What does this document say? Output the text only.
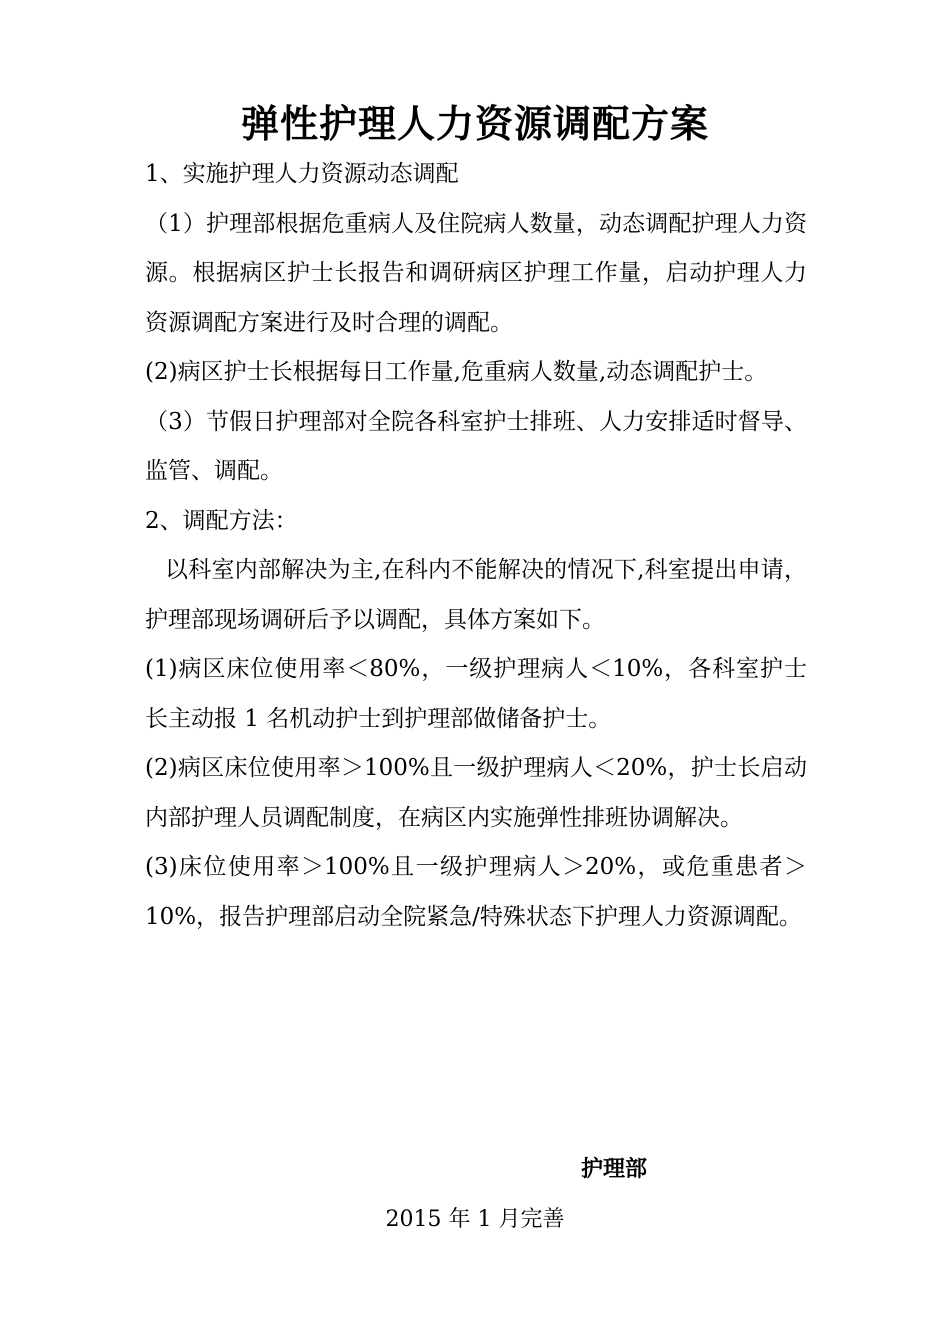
弹性护理人力资源调配方案

1、实施护理人力资源动态调配

（1）护理部根据危重病人及住院病人数量，动态调配护理人力资源。根据病区护士长报告和调研病区护理工作量，启动护理人力资源调配方案进行及时合理的调配。

(2)病区护士长根据每日工作量,危重病人数量,动态调配护士。

（3）节假日护理部对全院各科室护士排班、人力安排适时督导、监管、调配。

2、调配方法：

以科室内部解决为主,在科内不能解决的情况下,科室提出申请，护理部现场调研后予以调配，具体方案如下。

(1)病区床位使用率＜80%，一级护理病人＜10%，各科室护士长主动报 1 名机动护士到护理部做储备护士。

(2)病区床位使用率＞100%且一级护理病人＜20%，护士长启动内部护理人员调配制度，在病区内实施弹性排班协调解决。

(3)床位使用率＞100%且一级护理病人＞20%，或危重患者＞10%，报告护理部启动全院紧急/特殊状态下护理人力资源调配。

护理部
2015 年 1 月完善
